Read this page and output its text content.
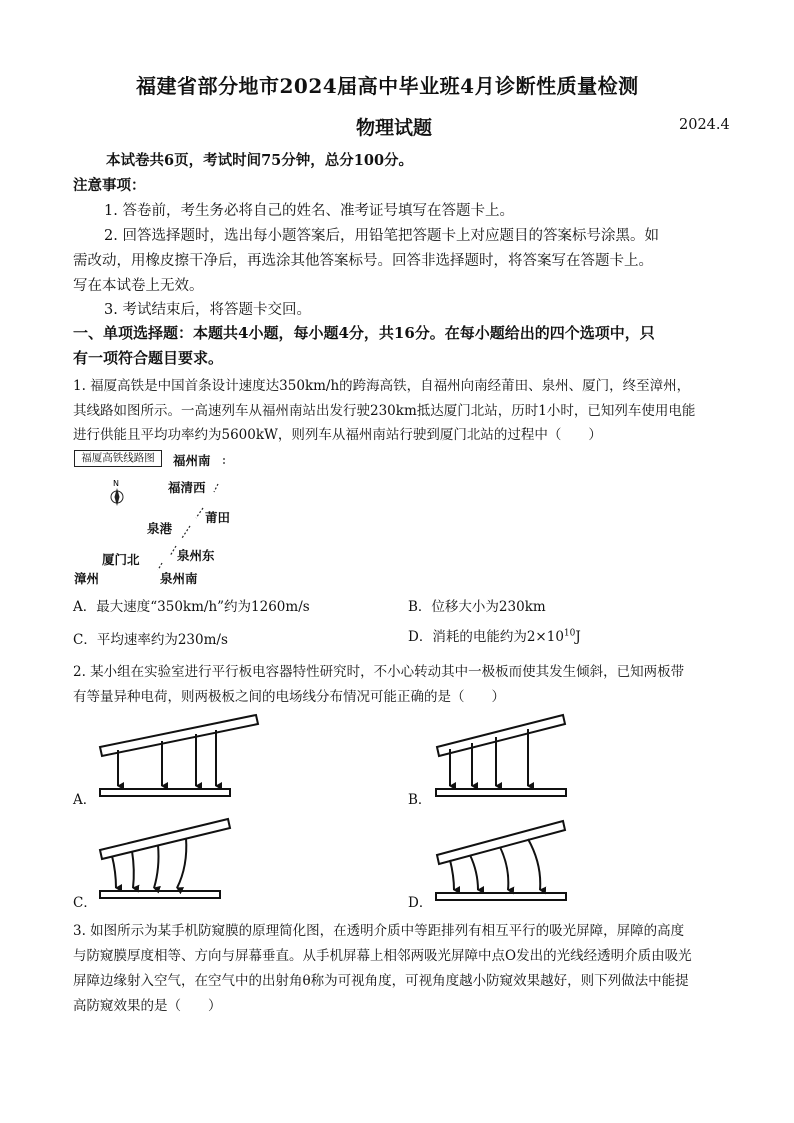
福建省部分地市2024届高中毕业班4月诊断性质量检测
物理试题	2024.4
本试卷共6页，考试时间75分钟，总分100分。
注意事项：
1. 答卷前，考生务必将自己的姓名、准考证号填写在答题卡上。
2. 回答选择题时，选出每小题答案后，用铅笔把答题卡上对应题目的答案标号涂黑。如
需改动，用橡皮擦干净后，再选涂其他答案标号。回答非选择题时，将答案写在答题卡上。
写在本试卷上无效。
3. 考试结束后，将答题卡交回。
一、单项选择题：本题共4小题，每小题4分，共16分。在每小题给出的四个选项中，只
有一项符合题目要求。
1. 福厦高铁是中国首条设计速度达350km/h的跨海高铁，自福州向南经莆田、泉州、厦门，终至漳州，
其线路如图所示。一高速列车从福州南站出发行驶230km抵达厦门北站，历时1小时，已知列车使用电能
进行供能且平均功率约为5600kW，则列车从福州南站行驶到厦门北站的过程中（　　）
福厦高铁线路图
N
福州南
福清西
莆田
泉港
泉州东
厦门北
泉州南
漳州
A．最大速度“350km/h”约为1260m/s	B．位移大小为230km
C．平均速率约为230m/s	D．消耗的电能约为$2\times 10^{10}J$
2. 某小组在实验室进行平行板电容器特性研究时，不小心转动其中一极板而使其发生倾斜，已知两板带
有等量异种电荷，则两极板之间的电场线分布情况可能正确的是（　　）
A．	B．
C．	D．
3. 如图所示为某手机防窥膜的原理简化图，在透明介质中等距排列有相互平行的吸光屏障，屏障的高度
与防窥膜厚度相等、方向与屏幕垂直。从手机屏幕上相邻两吸光屏障中点O发出的光线经透明介质由吸光
屏障边缘射入空气，在空气中的出射角θ称为可视角度，可视角度越小防窥效果越好，则下列做法中能提
高防窥效果的是（　　）
